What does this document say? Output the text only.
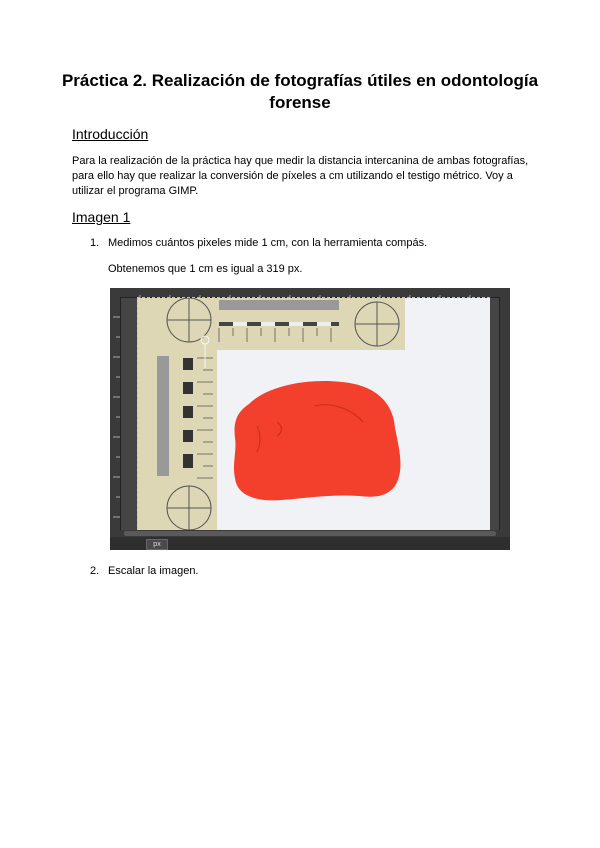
Práctica 2. Realización de fotografías útiles en odontología forense
Introducción
Para la realización de la práctica hay que medir la distancia intercanina de ambas fotografías, para ello hay que realizar la conversión de píxeles a cm utilizando el testigo métrico. Voy a utilizar el programa GIMP.
Imagen 1
1. Medimos cuántos pixeles mide 1 cm, con la herramienta compás.
Obtenemos que 1 cm es igual a 319 px.
px
2. Escalar la imagen.
